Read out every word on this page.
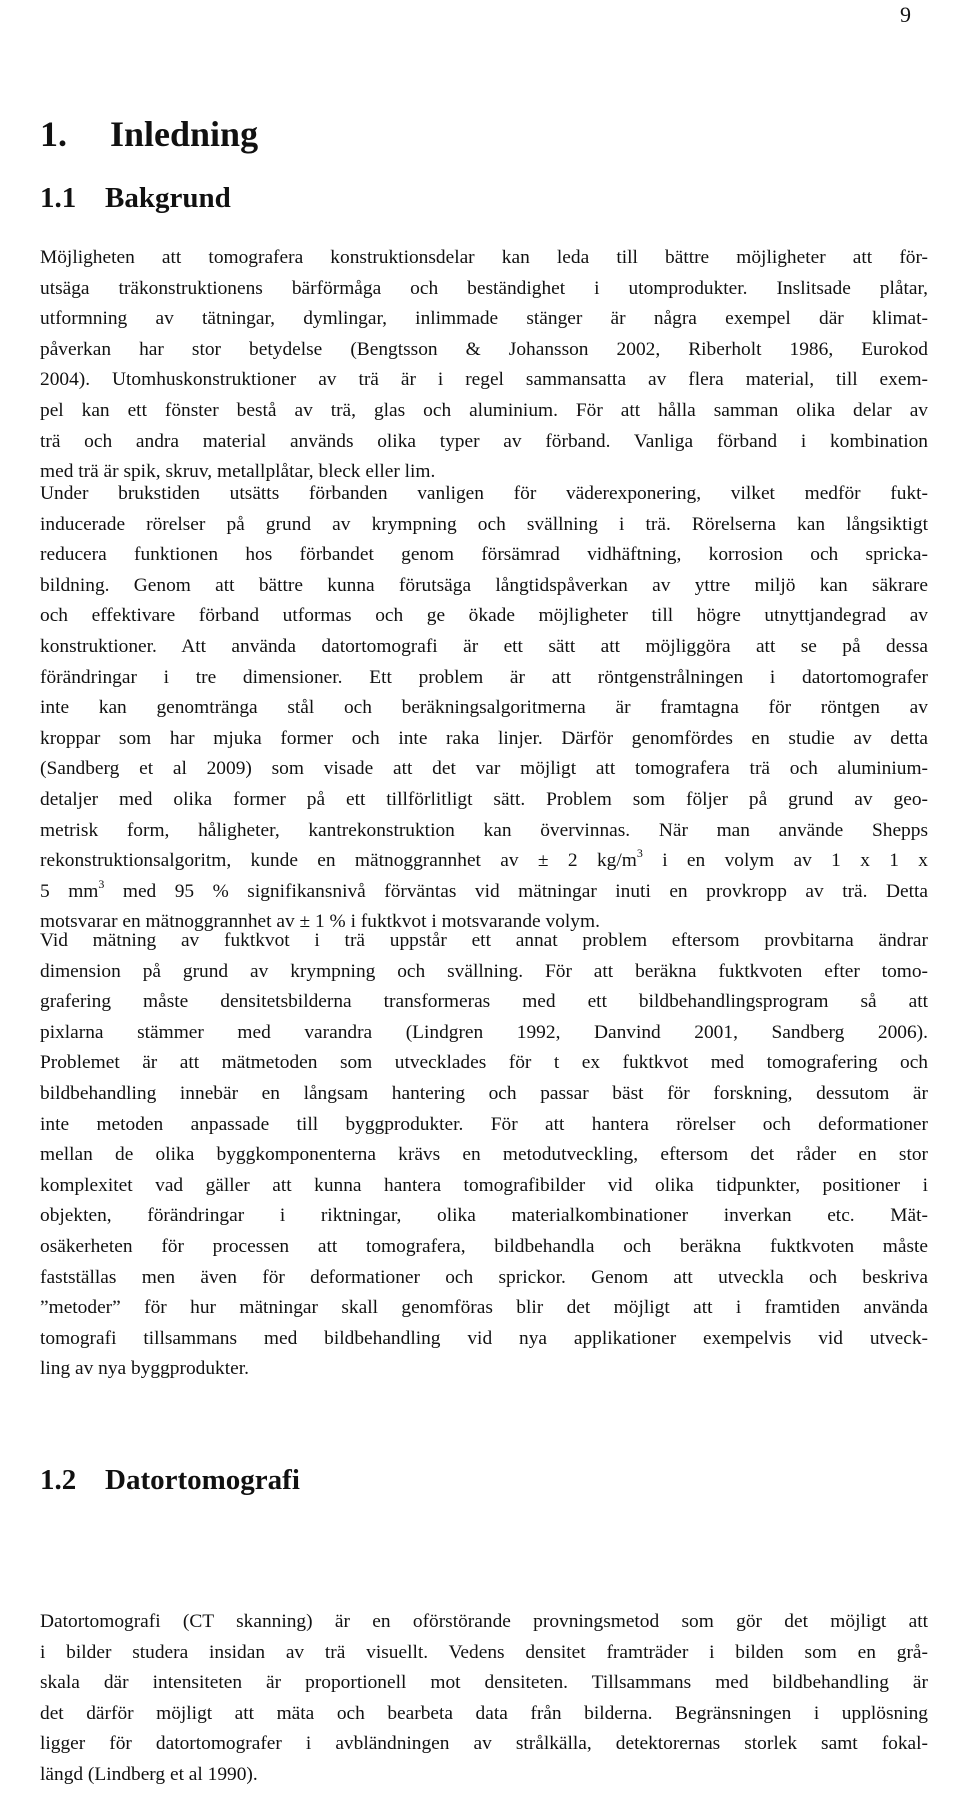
9
1. Inledning
1.1 Bakgrund
Möjligheten att tomografera konstruktionsdelar kan leda till bättre möjligheter att för-
utsäga träkonstruktionens bärförmåga och beständighet i utomprodukter. Inslitsade plåtar,
utformning av tätningar, dymlingar, inlimmade stänger är några exempel där klimat-
påverkan har stor betydelse (Bengtsson & Johansson 2002, Riberholt 1986, Eurokod
2004). Utomhuskonstruktioner av trä är i regel sammansatta av flera material, till exem-
pel kan ett fönster bestå av trä, glas och aluminium. För att hålla samman olika delar av
trä och andra material används olika typer av förband. Vanliga förband i kombination
med trä är spik, skruv, metallplåtar, bleck eller lim.
Under brukstiden utsätts förbanden vanligen för väderexponering, vilket medför fukt-
inducerade rörelser på grund av krympning och svällning i trä. Rörelserna kan långsiktigt
reducera funktionen hos förbandet genom försämrad vidhäftning, korrosion och spricka-
bildning. Genom att bättre kunna förutsäga långtidspåverkan av yttre miljö kan säkrare
och effektivare förband utformas och ge ökade möjligheter till högre utnyttjandegrad av
konstruktioner. Att använda datortomografi är ett sätt att möjliggöra att se på dessa
förändringar i tre dimensioner. Ett problem är att röntgenstrålningen i datortomografer
inte kan genomtränga stål och beräkningsalgoritmerna är framtagna för röntgen av
kroppar som har mjuka former och inte raka linjer. Därför genomfördes en studie av detta
(Sandberg et al 2009) som visade att det var möjligt att tomografera trä och aluminium-
detaljer med olika former på ett tillförlitligt sätt. Problem som följer på grund av geo-
metrisk form, håligheter, kantrekonstruktion kan övervinnas. När man använde Shepps
rekonstruktionsalgoritm, kunde en mätnoggrannhet av ± 2 $kg/m^3$ i en volym av 1 x 1 x
5 $mm^3$ med 95 % signifikansnivå förväntas vid mätningar inuti en provkropp av trä. Detta
motsvarar en mätnoggrannhet av ± 1 % i fuktkvot i motsvarande volym.
Vid mätning av fuktkvot i trä uppstår ett annat problem eftersom provbitarna ändrar
dimension på grund av krympning och svällning. För att beräkna fuktkvoten efter tomo-
grafering måste densitetsbilderna transformeras med ett bildbehandlingsprogram så att
pixlarna stämmer med varandra (Lindgren 1992, Danvind 2001, Sandberg 2006).
Problemet är att mätmetoden som utvecklades för t ex fuktkvot med tomografering och
bildbehandling innebär en långsam hantering och passar bäst för forskning, dessutom är
inte metoden anpassade till byggprodukter. För att hantera rörelser och deformationer
mellan de olika byggkomponenterna krävs en metodutveckling, eftersom det råder en stor
komplexitet vad gäller att kunna hantera tomografibilder vid olika tidpunkter, positioner i
objekten, förändringar i riktningar, olika materialkombinationer inverkan etc. Mät-
osäkerheten för processen att tomografera, bildbehandla och beräkna fuktkvoten måste
fastställas men även för deformationer och sprickor. Genom att utveckla och beskriva
”metoder” för hur mätningar skall genomföras blir det möjligt att i framtiden använda
tomografi tillsammans med bildbehandling vid nya applikationer exempelvis vid utveck-
ling av nya byggprodukter.
1.2 Datortomografi
Datortomografi (CT skanning) är en oförstörande provningsmetod som gör det möjligt att
i bilder studera insidan av trä visuellt. Vedens densitet framträder i bilden som en grå-
skala där intensiteten är proportionell mot densiteten. Tillsammans med bildbehandling är
det därför möjligt att mäta och bearbeta data från bilderna. Begränsningen i upplösning
ligger för datortomografer i avbländningen av strålkälla, detektorernas storlek samt fokal-
längd (Lindberg et al 1990).
